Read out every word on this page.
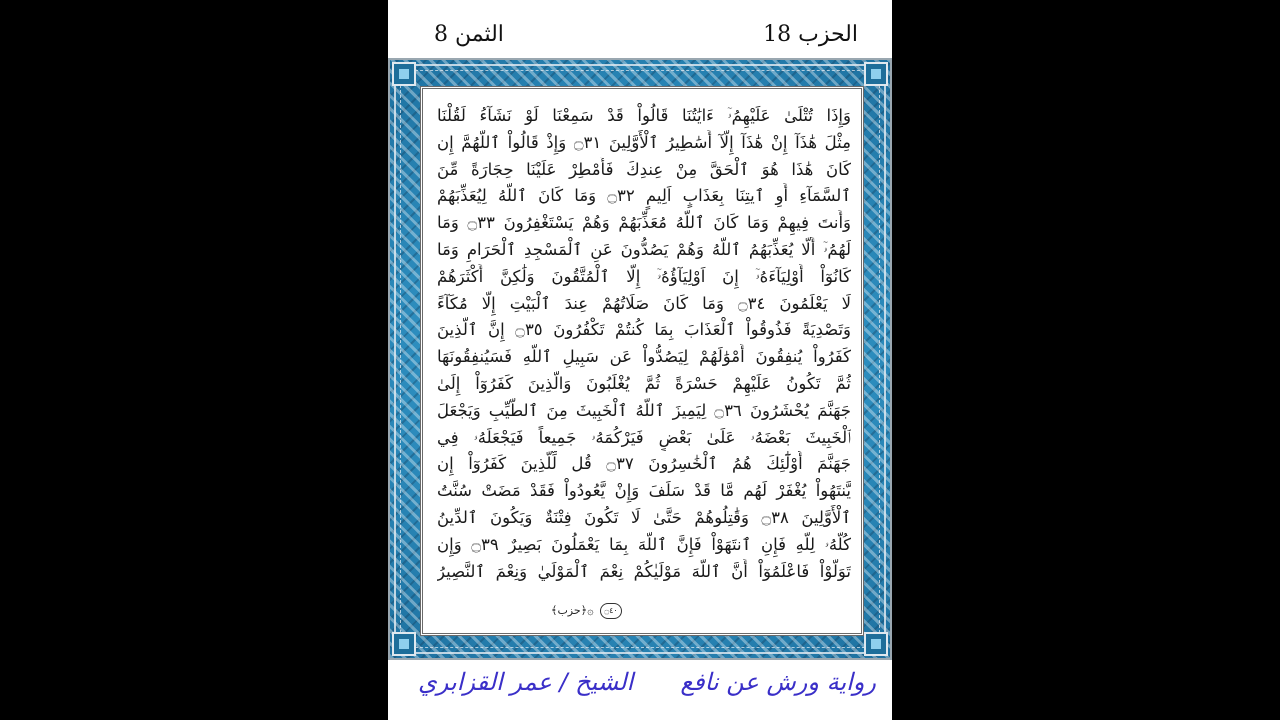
الحزب 18
الثمن 8
وَإِذَا تُتْلَىٰ عَلَيْهِمُۥٓ ءَايَٰتُنَا قَالُواْ قَدْ سَمِعْنَا لَوْ نَشَآءُ لَقُلْنَا
مِثْلَ هَٰذَآ إِنْ هَٰذَآ إِلَّآ أَسَٰطِيرُ ٱلْأَوَّلِينَ ۝٣١ وَإِذْ قَالُواْ ٱللَّهُمَّ إِن
كَانَ هَٰذَا هُوَ ٱلْحَقَّ مِنْ عِندِكَ فَأَمْطِرْ عَلَيْنَا حِجَارَةً مِّنَ
ٱلسَّمَآءِ أَوِ ٱيتِنَا بِعَذَابٍ اَلِيمٍ ۝٣٢ وَمَا كَانَ ٱللَّهُ لِيُعَذِّبَهُمْ
وَأَنتَ فِيهِمْ وَمَا كَانَ ٱللَّهُ مُعَذِّبَهُمْ وَهُمْ يَسْتَغْفِرُونَ ۝٣٣ وَمَا
لَهُمُۥٓ أَلَّا يُعَذِّبَهُمُ ٱللَّهُ وَهُمْ يَصُدُّونَ عَنِ ٱلْمَسْجِدِ ٱلْحَرَامِ وَمَا
كَانُوٓاْ أَوْلِيَآءَهُۥٓ إِنَ اَوْلِيَآؤُهُۥٓ إِلَّا ٱلْمُتَّقُونَ وَلَٰكِنَّ أَكْثَرَهُمْ
لَا يَعْلَمُونَ ۝٣٤ وَمَا كَانَ صَلَاتُهُمْ عِندَ ٱلْبَيْتِ إِلَّا مُكَآءً
وَتَصْدِيَةً فَذُوقُواْ ٱلْعَذَابَ بِمَا كُنتُمْ تَكْفُرُونَ ۝٣٥ إِنَّ ٱلَّذِينَ
كَفَرُواْ يُنفِقُونَ أَمْوَٰلَهُمْ لِيَصُدُّواْ عَن سَبِيلِ ٱللَّهِ فَسَيُنفِقُونَهَا
ثُمَّ تَكُونُ عَلَيْهِمْ حَسْرَةً ثُمَّ يُغْلَبُونَ وَالَّذِينَ كَفَرُوٓاْ إِلَىٰ
جَهَنَّمَ يُحْشَرُونَ ۝٣٦ لِيَمِيزَ ٱللَّهُ ٱلْخَبِيثَ مِنَ ٱلطَّيِّبِ وَيَجْعَلَ
ٱلْخَبِيثَ بَعْضَهُۥ عَلَىٰ بَعْضٍ فَيَرْكُمَهُۥ جَمِيعاً فَيَجْعَلَهُۥ فِي
جَهَنَّمَ أُوْلَٰٓئِكَ هُمُ ٱلْخَٰسِرُونَ ۝٣٧ قُل لِّلَّذِينَ كَفَرُوٓاْ إِن
يَّنتَهُواْ يُغْفَرْ لَهُم مَّا قَدْ سَلَفَ وَإِنْ يَّعُودُواْ فَقَدْ مَضَتْ سُنَّتُ
ٱلْأَوَّلِينَ ۝٣٨ وَقَٰتِلُوهُمْ حَتَّىٰ لَا تَكُونَ فِتْنَةٌ وَيَكُونَ ٱلدِّينُ
كُلُّهُۥ لِلَّهِ فَإِنِ ٱنتَهَوْاْ فَإِنَّ ٱللَّهَ بِمَا يَعْمَلُونَ بَصِيرٌ ۝٣٩ وَإِن
تَوَلَّوْاْ فَاعْلَمُوٓاْ أَنَّ ٱللَّهَ مَوْلَيٰكُمْ نِعْمَ ٱلْمَوْلَيٰ وَنِعْمَ ٱلنَّصِيرُ
۝٤٠ ۞﴿حزب﴾
رواية ورش عن نافع
الشيخ / عمر القزابري
